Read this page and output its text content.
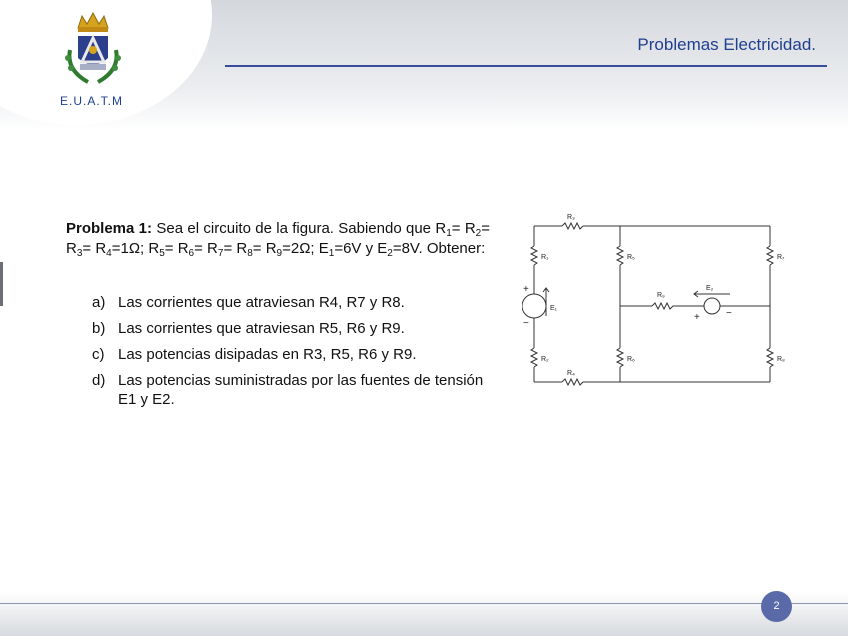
E.U.A.T.M
Problemas Electricidad.
Problema 1: Sea el circuito de la figura. Sabiendo que $R_1= R_2= R_3= R_4=1\Omega$; $R_5= R_6= R_7= R_8= R_9=2\Omega$; $E_1=6V$ y $E_2=8V$. Obtener:
a) Las corrientes que atraviesan R4, R7 y R8.
b) Las corrientes que atraviesan R5, R6 y R9.
c) Las potencias disipadas en R3, R5, R6 y R9.
d) Las potencias suministradas por las fuentes de tensión E1 y E2.
R₃
R₁	R₅	R₇
R₉
E₁
E₂
R₂	R₆	R₈
R₄
+
−
+	−
2
